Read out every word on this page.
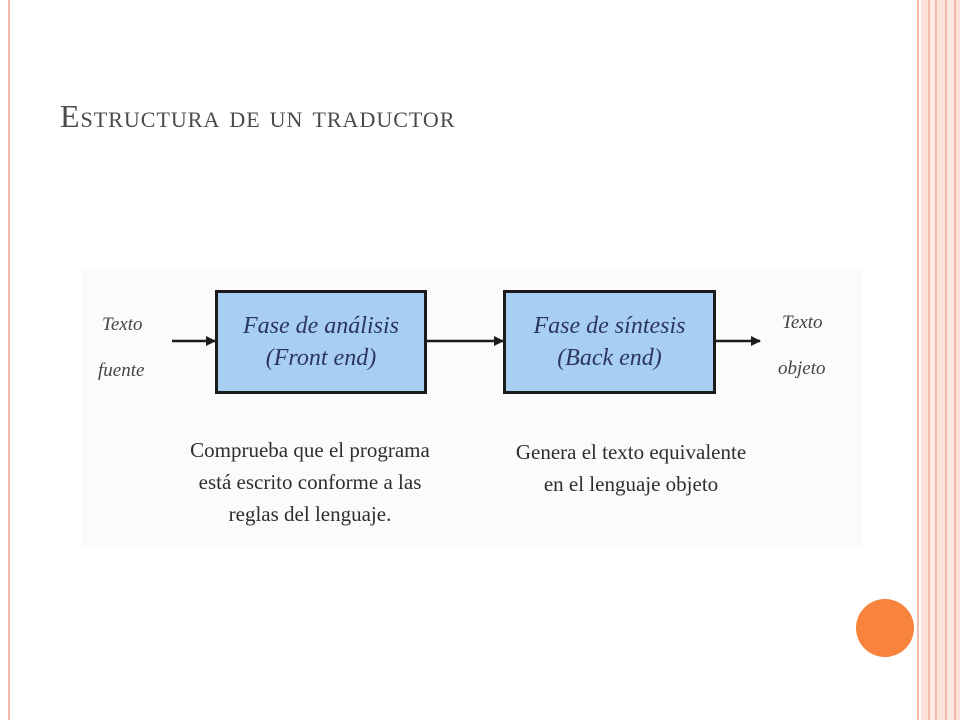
Estructura de un traductor
Texto
fuente
Fase de análisis
(Front end)
Fase de síntesis
(Back end)
Texto
objeto
Comprueba que el programa
está escrito conforme a las
reglas del lenguaje.
Genera el texto equivalente
en el lenguaje objeto
